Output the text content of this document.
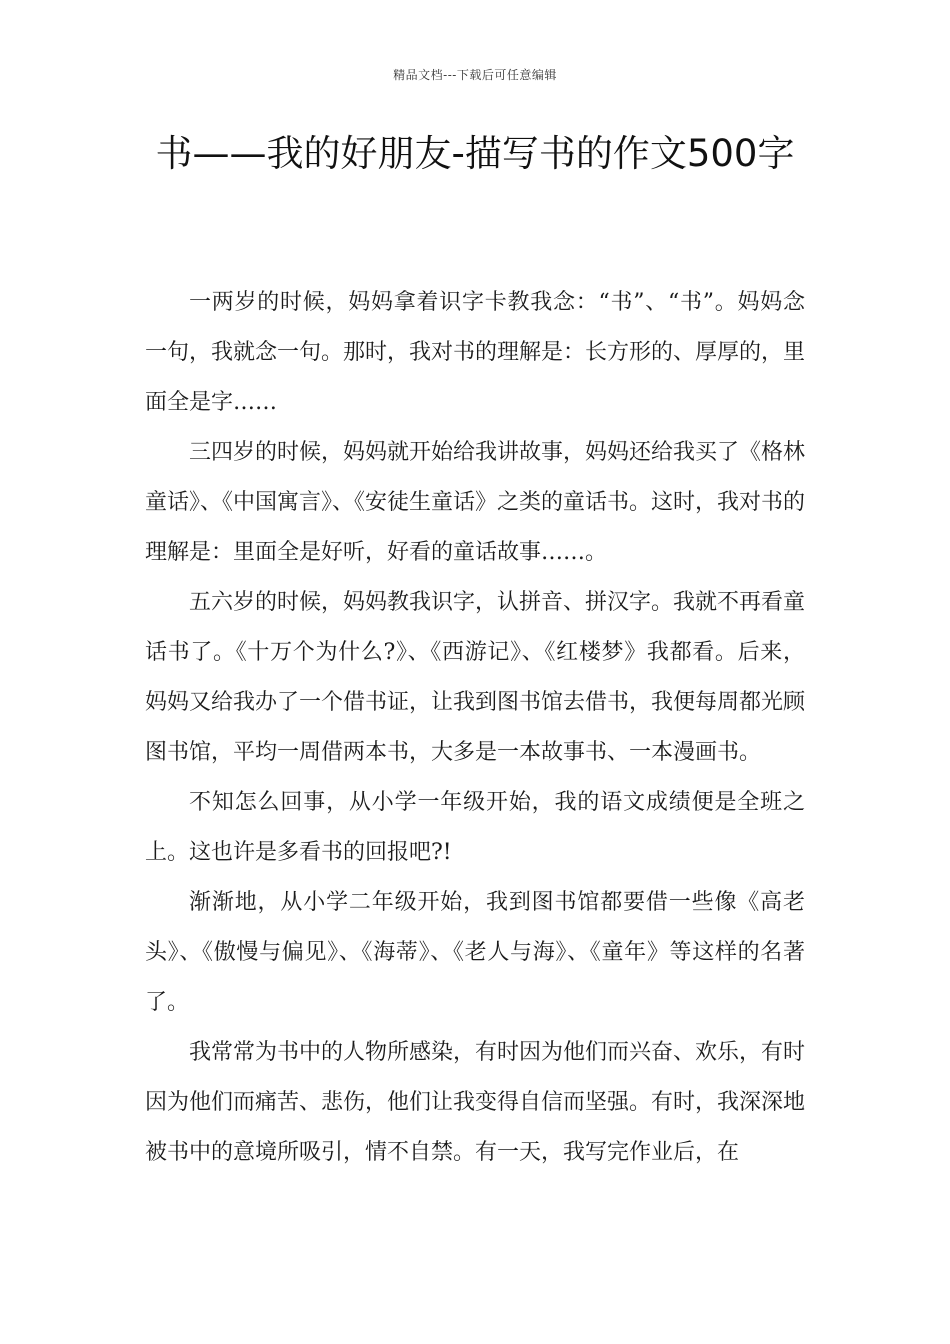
精品文档---下载后可任意编辑
书——我的好朋友-描写书的作文500字

一两岁的时候，妈妈拿着识字卡教我念：“书”、“书”。妈妈念一句，我就念一句。那时，我对书的理解是：长方形的、厚厚的，里面全是字……

三四岁的时候，妈妈就开始给我讲故事，妈妈还给我买了《格林童话》、《中国寓言》、《安徒生童话》之类的童话书。这时，我对书的理解是：里面全是好听，好看的童话故事……。

五六岁的时候，妈妈教我识字，认拼音、拼汉字。我就不再看童话书了。《十万个为什么?》、《西游记》、《红楼梦》我都看。后来，妈妈又给我办了一个借书证，让我到图书馆去借书，我便每周都光顾图书馆，平均一周借两本书，大多是一本故事书、一本漫画书。

不知怎么回事，从小学一年级开始，我的语文成绩便是全班之上。这也许是多看书的回报吧?!

渐渐地，从小学二年级开始，我到图书馆都要借一些像《高老头》、《傲慢与偏见》、《海蒂》、《老人与海》、《童年》等这样的名著了。

我常常为书中的人物所感染，有时因为他们而兴奋、欢乐，有时因为他们而痛苦、悲伤，他们让我变得自信而坚强。有时，我深深地被书中的意境所吸引，情不自禁。有一天，我写完作业后，在
